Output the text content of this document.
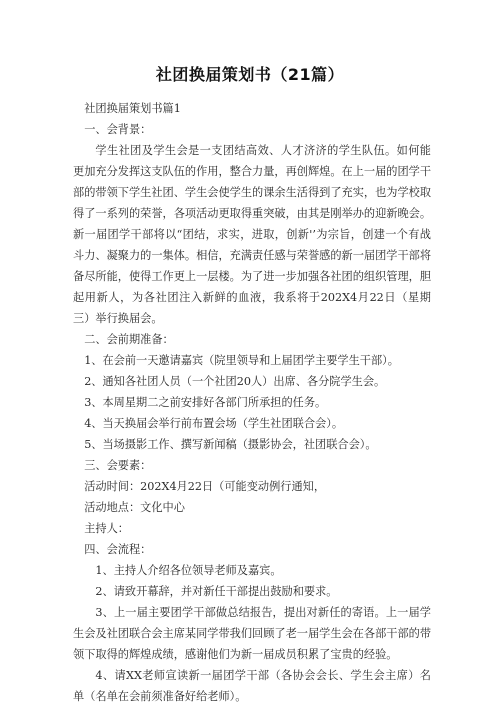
社团换届策划书（21篇）

社团换届策划书篇1

一、会背景：

学生社团及学生会是一支团结高效、人才济济的学生队伍。如何能更加充分发挥这支队伍的作用，整合力量，再创辉煌。在上一届的团学干部的带领下学生社团、学生会使学生的课余生活得到了充实，也为学校取得了一系列的荣誉，各项活动更取得重突破，由其是刚举办的迎新晚会。新一届团学干部将以“团结，求实，进取，创新'’为宗旨，创建一个有战斗力、凝聚力的一集体。相信，充满责任感与荣誉感的新一届团学干部将备尽所能，使得工作更上一层楼。为了进一步加强各社团的组织管理，胆起用新人，为各社团注入新鲜的血液，我系将于202X4月22日（星期三）举行换届会。

二、会前期准备：

1、在会前一天邀请嘉宾（院里领导和上届团学主要学生干部）。

2、通知各社团人员（一个社团20人）出席、各分院学生会。

3、本周星期二之前安排好各部门所承担的任务。

4、当天换届会举行前布置会场（学生社团联合会）。

5、当场摄影工作、撰写新闻稿（摄影协会，社团联合会）。

三、会要素：

活动时间：202X4月22日（可能变动例行通知，

活动地点：文化中心

主持人：

四、会流程：

1、主持人介绍各位领导老师及嘉宾。

2、请致开幕辞，并对新任干部提出鼓励和要求。

3、上一届主要团学干部做总结报告，提出对新任的寄语。上一届学生会及社团联合会主席某同学带我们回顾了老一届学生会在各部干部的带领下取得的辉煌成绩，感谢他们为新一届成员积累了宝贵的经验。

4、请XX老师宣读新一届团学干部（各协会会长、学生会主席）名单（名单在会前须准备好给老师）。
